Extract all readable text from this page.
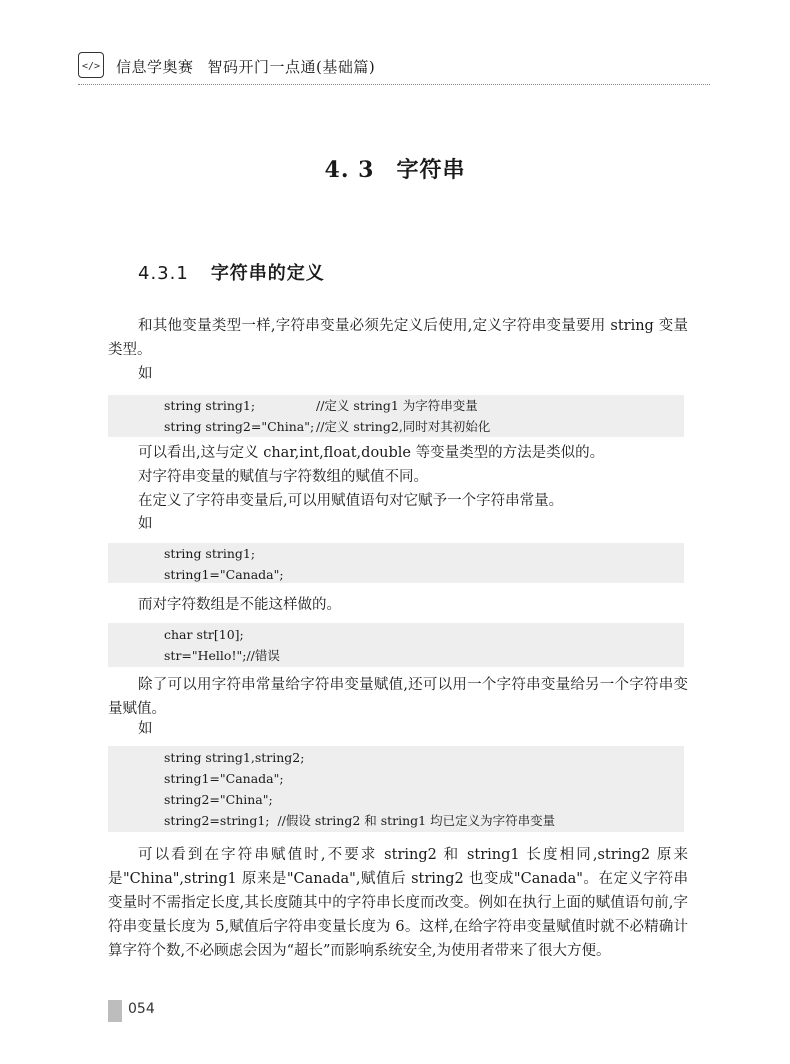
</> 信息学奥赛 智码开门一点通(基础篇)
4. 3 字符串
4.3.1 字符串的定义

和其他变量类型一样,字符串变量必须先定义后使用,定义字符串变量要用 string 变量类型。

如

string string1;	//定义 string1 为字符串变量
string string2="China"; //定义 string2,同时对其初始化

可以看出,这与定义 char,int,float,double 等变量类型的方法是类似的。

对字符串变量的赋值与字符数组的赋值不同。

在定义了字符串变量后,可以用赋值语句对它赋予一个字符串常量。

如

string string1;
string1="Canada";

而对字符数组是不能这样做的。

char str[10];
str="Hello!";//错误

除了可以用字符串常量给字符串变量赋值,还可以用一个字符串变量给另一个字符串变量赋值。

如

string string1,string2;
string1="Canada";
string2="China";
string2=string1;  //假设 string2 和 string1 均已定义为字符串变量

可以看到在字符串赋值时,不要求 string2 和 string1 长度相同,string2 原来是"China",string1 原来是"Canada",赋值后 string2 也变成"Canada"。在定义字符串变量时不需指定长度,其长度随其中的字符串长度而改变。例如在执行上面的赋值语句前,字符串变量长度为 5,赋值后字符串变量长度为 6。这样,在给字符串变量赋值时就不必精确计算字符个数,不必顾虑会因为“超长”而影响系统安全,为使用者带来了很大方便。

054
